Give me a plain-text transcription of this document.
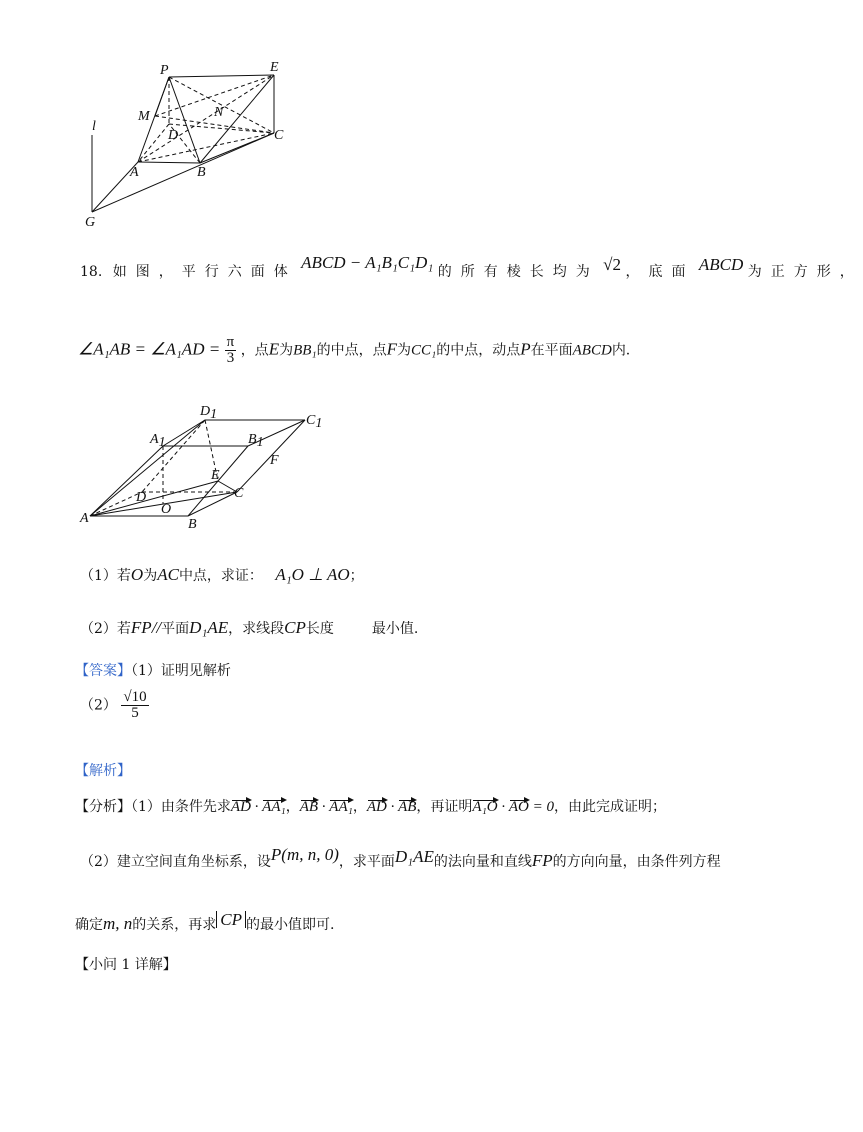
P	E
M	N
D	C
A	B
G
l
18. 如图，平行六面体 ABCD − A₁B₁C₁D₁ 的所有棱长均为 √2 ，底面 ABCD 为正方形，
∠A₁AB = ∠A₁AD = $\frac{\pi}{3}$ ，点E为BB₁的中点，点F为CC₁的中点，动点P在平面ABCD内.
D1	C1
A1	B1
F
E
D	C
O
A	B
（1）若O为AC中点，求证： A₁O ⊥ AO；
（2）若FP//平面D₁AE，求线段CP长度	最小值.
【答案】（1）证明见解析
$(2) \frac{√10}{5}$
【解析】
【分析】（1）由条件先求AD · AA₁，AB · AA₁，AD · AB，再证明A₁O · AO = 0，由此完成证明；
（2）建立空间直角坐标系，设P(m, n, 0)，求平面D₁AE的法向量和直线FP的方向向量，由条件列方程
确定m, n的关系，再求 CP 的最小值即可.
【小问 1 详解】
